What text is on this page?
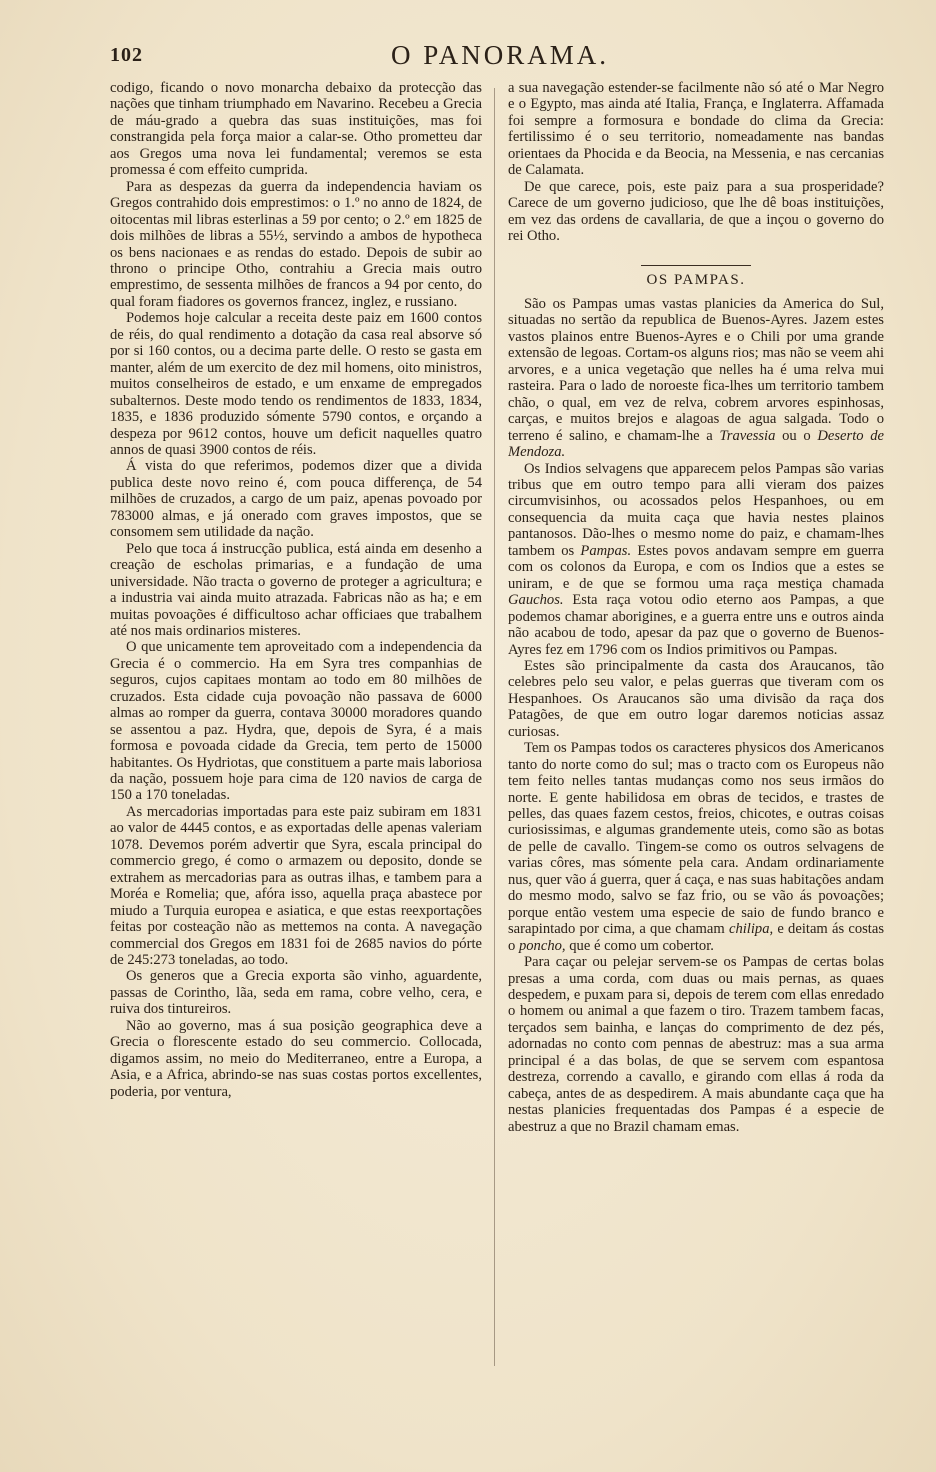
102	O PANORAMA.

codigo, ficando o novo monarcha debaixo da protecção das nações que tinham triumphado em Navarino. Recebeu a Grecia de máu-grado a quebra das suas instituições, mas foi constrangida pela força maior a calar-se. Otho prometteu dar aos Gregos uma nova lei fundamental; veremos se esta promessa é com effeito cumprida.

Para as despezas da guerra da independencia haviam os Gregos contrahido dois emprestimos: o 1.º no anno de 1824, de oitocentas mil libras esterlinas a 59 por cento; o 2.º em 1825 de dois milhões de libras a 55½, servindo a ambos de hypotheca os bens nacionaes e as rendas do estado. Depois de subir ao throno o principe Otho, contrahiu a Grecia mais outro emprestimo, de sessenta milhões de francos a 94 por cento, do qual foram fiadores os governos francez, inglez, e russiano.

Podemos hoje calcular a receita deste paiz em 1600 contos de réis, do qual rendimento a dotação da casa real absorve só por si 160 contos, ou a decima parte delle. O resto se gasta em manter, além de um exercito de dez mil homens, oito ministros, muitos conselheiros de estado, e um enxame de empregados subalternos. Deste modo tendo os rendimentos de 1833, 1834, 1835, e 1836 produzido sómente 5790 contos, e orçando a despeza por 9612 contos, houve um deficit naquelles quatro annos de quasi 3900 contos de réis.

Á vista do que referimos, podemos dizer que a divida publica deste novo reino é, com pouca differença, de 54 milhões de cruzados, a cargo de um paiz, apenas povoado por 783000 almas, e já onerado com graves impostos, que se consomem sem utilidade da nação.

Pelo que toca á instrucção publica, está ainda em desenho a creação de escholas primarias, e a fundação de uma universidade. Não tracta o governo de proteger a agricultura; e a industria vai ainda muito atrazada. Fabricas não as ha; e em muitas povoações é difficultoso achar officiaes que trabalhem até nos mais ordinarios misteres.

O que unicamente tem aproveitado com a independencia da Grecia é o commercio. Ha em Syra tres companhias de seguros, cujos capitaes montam ao todo em 80 milhões de cruzados. Esta cidade cuja povoação não passava de 6000 almas ao romper da guerra, contava 30000 moradores quando se assentou a paz. Hydra, que, depois de Syra, é a mais formosa e povoada cidade da Grecia, tem perto de 15000 habitantes. Os Hydriotas, que constituem a parte mais laboriosa da nação, possuem hoje para cima de 120 navios de carga de 150 a 170 toneladas.

As mercadorias importadas para este paiz subiram em 1831 ao valor de 4445 contos, e as exportadas delle apenas valeriam 1078. Devemos porém advertir que Syra, escala principal do commercio grego, é como o armazem ou deposito, donde se extrahem as mercadorias para as outras ilhas, e tambem para a Moréa e Romelia; que, afóra isso, aquella praça abastece por miudo a Turquia europea e asiatica, e que estas reexportações feitas por costeação não as mettemos na conta. A navegação commercial dos Gregos em 1831 foi de 2685 navios do pórte de 245:273 toneladas, ao todo.

Os generos que a Grecia exporta são vinho, aguardente, passas de Corintho, lãa, seda em rama, cobre velho, cera, e ruiva dos tintureiros.

Não ao governo, mas á sua posição geographica deve a Grecia o florescente estado do seu commercio. Collocada, digamos assim, no meio do Mediterraneo, entre a Europa, a Asia, e a Africa, abrindo-se nas suas costas portos excellentes, poderia, por ventura,

a sua navegação estender-se facilmente não só até o Mar Negro e o Egypto, mas ainda até Italia, França, e Inglaterra. Affamada foi sempre a formosura e bondade do clima da Grecia: fertilissimo é o seu territorio, nomeadamente nas bandas orientaes da Phocida e da Beocia, na Messenia, e nas cercanias de Calamata.

De que carece, pois, este paiz para a sua prosperidade? Carece de um governo judicioso, que lhe dê boas instituições, em vez das ordens de cavallaria, de que a inçou o governo do rei Otho.

OS PAMPAS.

São os Pampas umas vastas planicies da America do Sul, situadas no sertão da republica de Buenos-Ayres. Jazem estes vastos plainos entre Buenos-Ayres e o Chili por uma grande extensão de legoas. Cortam-os alguns rios; mas não se veem ahi arvores, e a unica vegetação que nelles ha é uma relva mui rasteira. Para o lado de noroeste fica-lhes um territorio tambem chão, o qual, em vez de relva, cobrem arvores espinhosas, carças, e muitos brejos e alagoas de agua salgada. Todo o terreno é salino, e chamam-lhe a Travessia ou o Deserto de Mendoza.

Os Indios selvagens que apparecem pelos Pampas são varias tribus que em outro tempo para alli vieram dos paizes circumvisinhos, ou acossados pelos Hespanhoes, ou em consequencia da muita caça que havia nestes plainos pantanosos. Dão-lhes o mesmo nome do paiz, e chamam-lhes tambem os Pampas. Estes povos andavam sempre em guerra com os colonos da Europa, e com os Indios que a estes se uniram, e de que se formou uma raça mestiça chamada Gauchos. Esta raça votou odio eterno aos Pampas, a que podemos chamar aborigines, e a guerra entre uns e outros ainda não acabou de todo, apesar da paz que o governo de Buenos-Ayres fez em 1796 com os Indios primitivos ou Pampas.

Estes são principalmente da casta dos Araucanos, tão celebres pelo seu valor, e pelas guerras que tiveram com os Hespanhoes. Os Araucanos são uma divisão da raça dos Patagões, de que em outro logar daremos noticias assaz curiosas.

Tem os Pampas todos os caracteres physicos dos Americanos tanto do norte como do sul; mas o tracto com os Europeus não tem feito nelles tantas mudanças como nos seus irmãos do norte. E gente habilidosa em obras de tecidos, e trastes de pelles, das quaes fazem cestos, freios, chicotes, e outras coisas curiosissimas, e algumas grandemente uteis, como são as botas de pelle de cavallo. Tingem-se como os outros selvagens de varias côres, mas sómente pela cara. Andam ordinariamente nus, quer vão á guerra, quer á caça, e nas suas habitações andam do mesmo modo, salvo se faz frio, ou se vão ás povoações; porque então vestem uma especie de saio de fundo branco e sarapintado por cima, a que chamam chilipa, e deitam ás costas o poncho, que é como um cobertor.

Para caçar ou pelejar servem-se os Pampas de certas bolas presas a uma corda, com duas ou mais pernas, as quaes despedem, e puxam para si, depois de terem com ellas enredado o homem ou animal a que fazem o tiro. Trazem tambem facas, terçados sem bainha, e lanças do comprimento de dez pés, adornadas no conto com pennas de abestruz: mas a sua arma principal é a das bolas, de que se servem com espantosa destreza, correndo a cavallo, e girando com ellas á roda da cabeça, antes de as despedirem. A mais abundante caça que ha nestas planicies frequentadas dos Pampas é a especie de abestruz a que no Brazil chamam emas.
